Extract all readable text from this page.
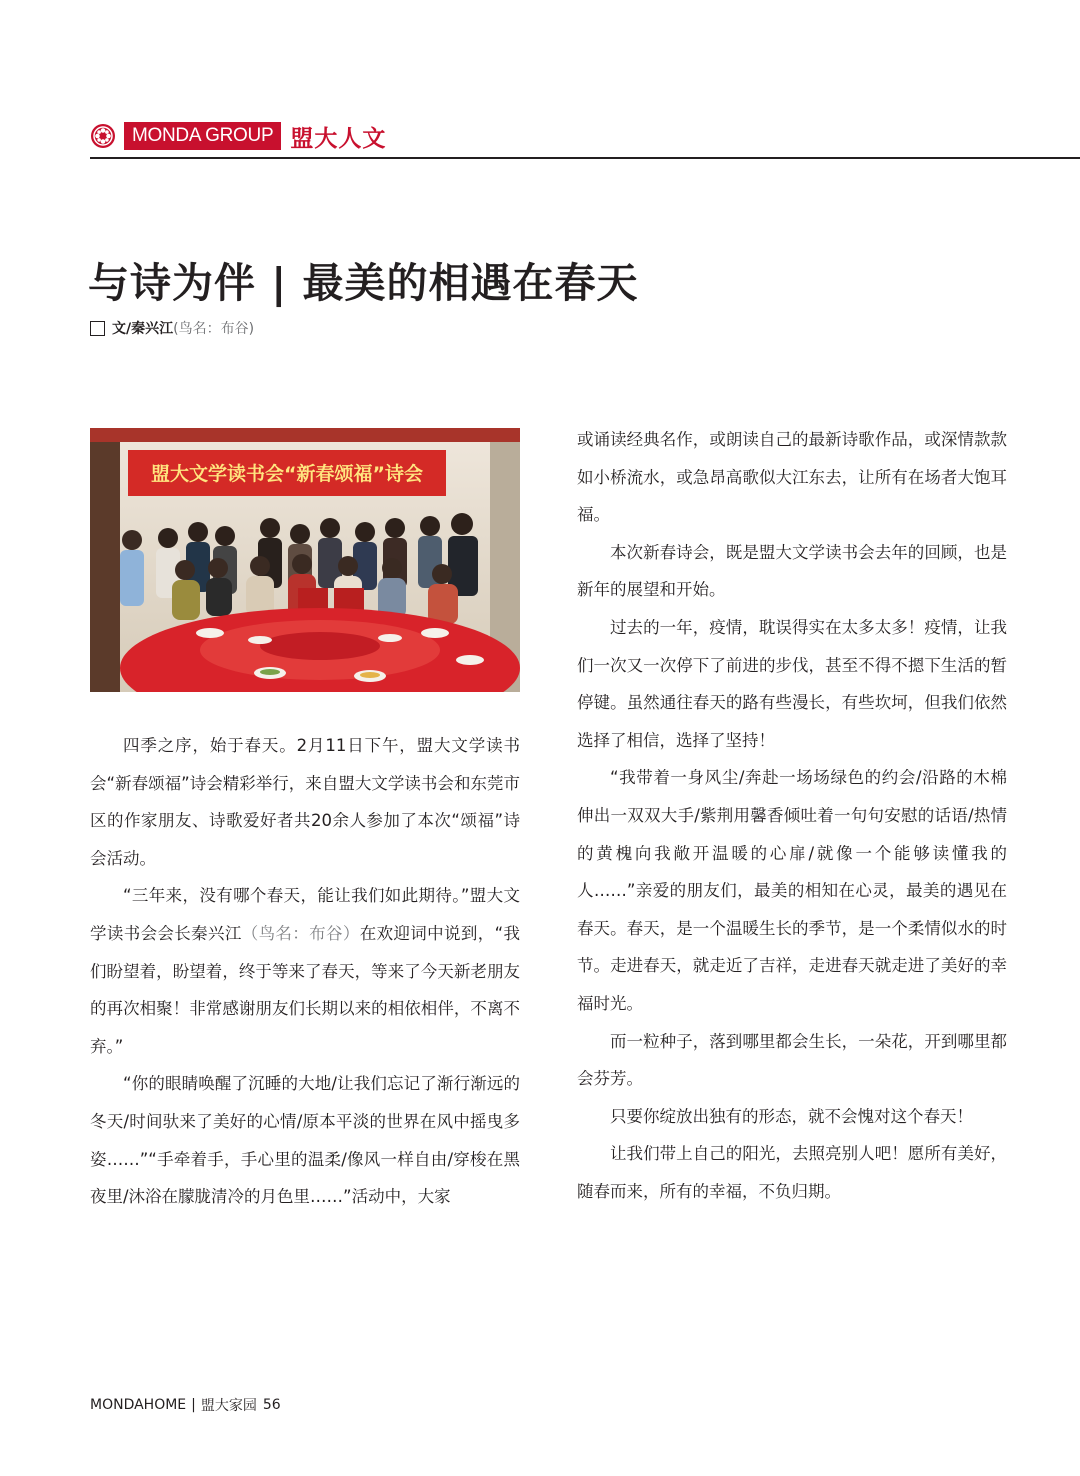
MONDA GROUP 盟大人文
与诗为伴 | 最美的相遇在春天
文/秦兴江 (鸟名：布谷)
盟大文学读书会“新春颂福”诗会

四季之序，始于春天。2月11日下午，盟大文学读书会“新春颂福”诗会精彩举行，来自盟大文学读书会和东莞市区的作家朋友、诗歌爱好者共20余人参加了本次“颂福”诗会活动。

“三年来，没有哪个春天，能让我们如此期待。”盟大文学读书会会长秦兴江（鸟名：布谷）在欢迎词中说到，“我们盼望着，盼望着，终于等来了春天，等来了今天新老朋友的再次相聚！非常感谢朋友们长期以来的相依相伴，不离不弃。”

“你的眼睛唤醒了沉睡的大地/让我们忘记了渐行渐远的冬天/时间驮来了美好的心情/原本平淡的世界在风中摇曳多姿……”“手牵着手，手心里的温柔/像风一样自由/穿梭在黑夜里/沐浴在朦胧清冷的月色里……”活动中，大家

或诵读经典名作，或朗读自己的最新诗歌作品，或深情款款如小桥流水，或急昂高歌似大江东去，让所有在场者大饱耳福。

本次新春诗会，既是盟大文学读书会去年的回顾，也是新年的展望和开始。

过去的一年，疫情，耽误得实在太多太多！疫情，让我们一次又一次停下了前进的步伐，甚至不得不摁下生活的暂停键。虽然通往春天的路有些漫长，有些坎坷，但我们依然选择了相信，选择了坚持！

“我带着一身风尘/奔赴一场场绿色的约会/沿路的木棉伸出一双双大手/紫荆用馨香倾吐着一句句安慰的话语/热情的黄槐向我敞开温暖的心扉/就像一个能够读懂我的人……”亲爱的朋友们，最美的相知在心灵，最美的遇见在春天。春天，是一个温暖生长的季节，是一个柔情似水的时节。走进春天，就走近了吉祥，走进春天就走进了美好的幸福时光。

而一粒种子，落到哪里都会生长，一朵花，开到哪里都会芬芳。

只要你绽放出独有的形态，就不会愧对这个春天！

让我们带上自己的阳光，去照亮别人吧！愿所有美好，随春而来，所有的幸福，不负归期。

MONDAHOME | 盟大家园 56
